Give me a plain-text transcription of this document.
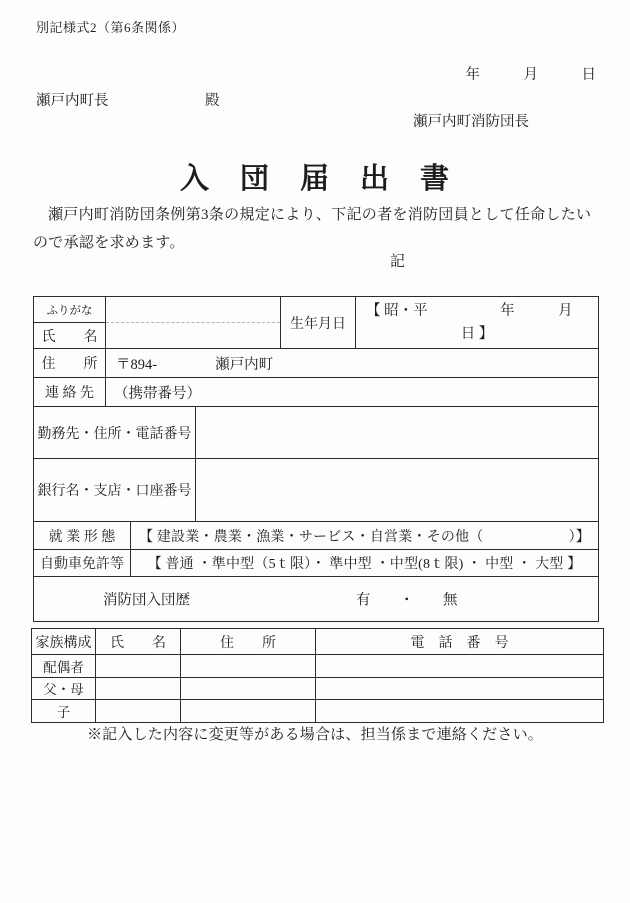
別記様式2（第6条関係）
年　　　月　　　日
瀬戸内町長	殿
瀬戸内町消防団長
入　団　届　出　書

瀬戸内町消防団条例第3条の規定により、下記の者を消防団員として任命したいので承認を求めます。

記
ふりがな
氏　　名
生年月日
【 昭・平　　　　　年　　　月
日 】
住　　所	〒894-	瀬戸内町
連 絡 先	（携帯番号）
勤務先・住所・電話番号
銀行名・支店・口座番号
就 業 形 態	【 建設業・農業・漁業・サービス・自営業・その他（　　　　　　）】
自動車免許等	【 普通 ・準中型（5ｔ限）・ 準中型 ・中型(8ｔ限) ・ 中型 ・ 大型 】
消防団入団歴	有　　・　　無
家族構成	氏　　名	住　　所	電　話　番　号
配偶者
父・母
子
※記入した内容に変更等がある場合は、担当係まで連絡ください。
